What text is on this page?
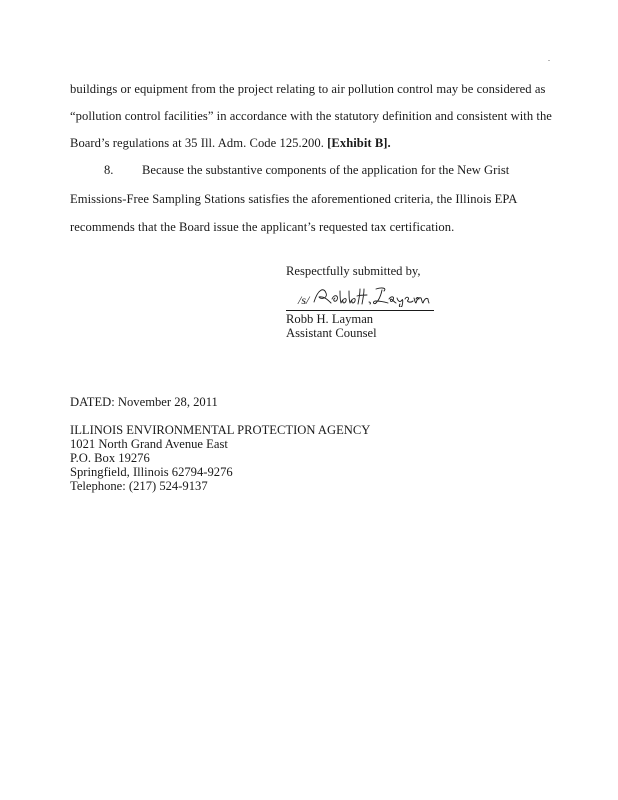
.
buildings or equipment from the project relating to air pollution control may be considered as
“pollution control facilities” in accordance with the statutory definition and consistent with the
Board’s regulations at 35 Ill. Adm. Code 125.200. [Exhibit B].
8. Because the substantive components of the application for the New Grist
Emissions-Free Sampling Stations satisfies the aforementioned criteria, the Illinois EPA
recommends that the Board issue the applicant’s requested tax certification.
Respectfully submitted by,
/s/
Robb H. Layman
Assistant Counsel
DATED: November 28, 2011
ILLINOIS ENVIRONMENTAL PROTECTION AGENCY
1021 North Grand Avenue East
P.O. Box 19276
Springfield, Illinois 62794-9276
Telephone: (217) 524-9137
